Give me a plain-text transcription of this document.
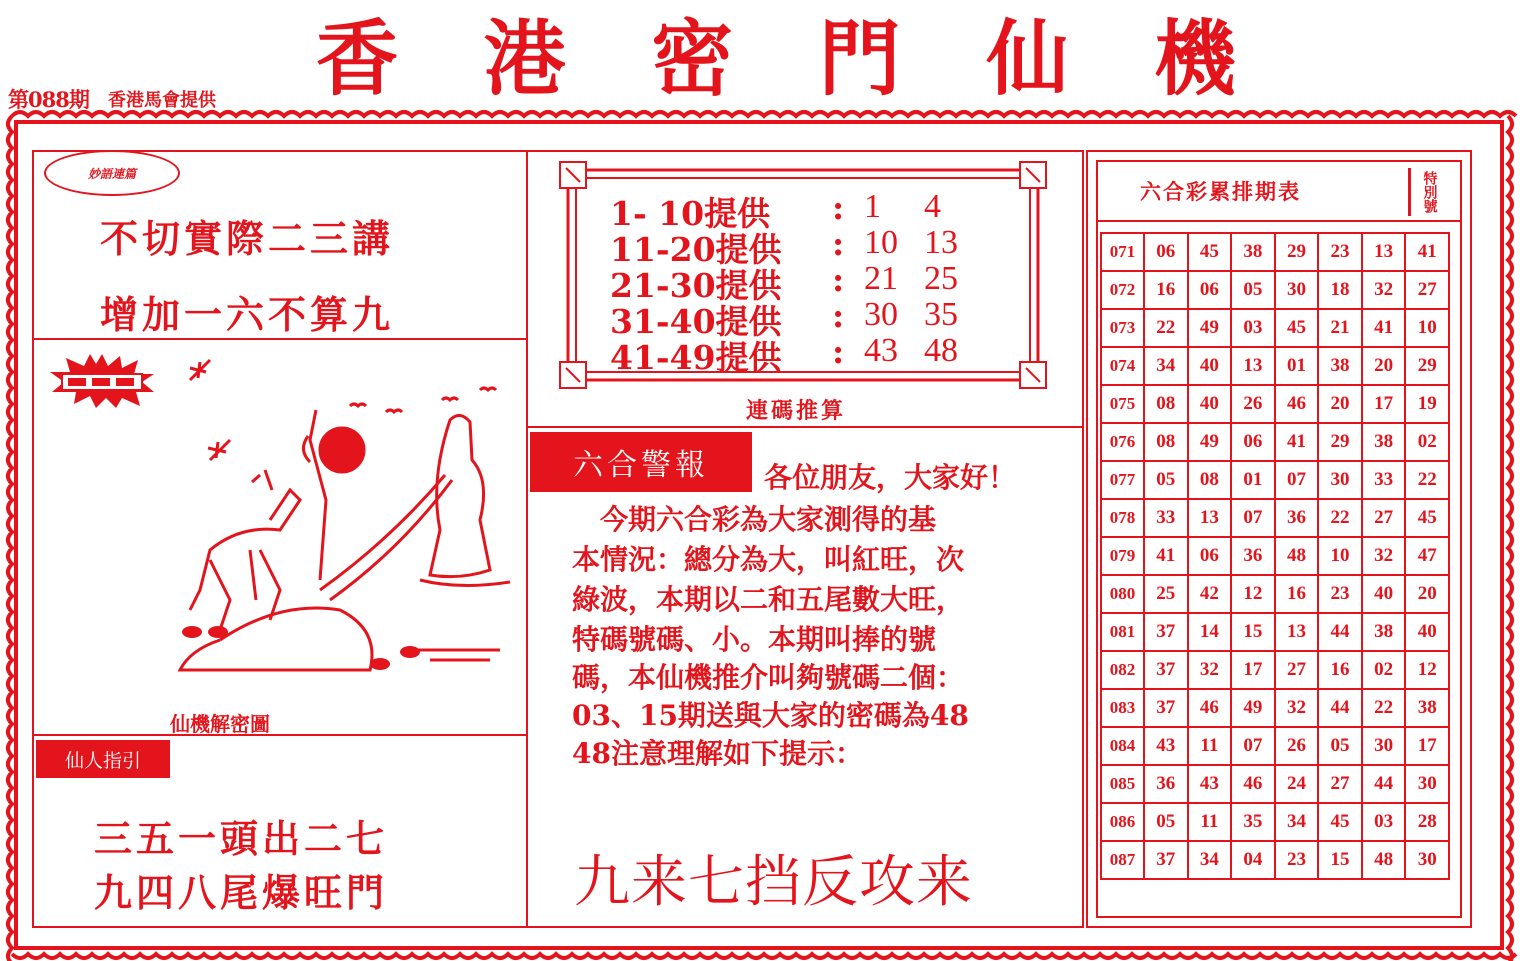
第088期 香港馬會提供 香 港 密 門 仙 機
妙語連篇
不切實際二三講
增加一六不算九
仙機解密圖
仙人指引
三五一頭出二七
九四八尾爆旺門
1- 10提供	: 1	4
11-20提供	: 10 13
21-30提供	: 21 25
31-40提供	: 30 35
41-49提供	: 43 48
連碼推算
六合警報	各位朋友，大家好！
　今期六合彩為大家測得的基
本情況：總分為大，叫紅旺，次
綠波，本期以二和五尾數大旺，
特碼號碼、小。本期叫捧的號
碼，本仙機推介叫夠號碼二個：
03、15期送與大家的密碼為48
48注意理解如下提示：
九来七挡反攻来
六合彩累排期表	特別號
071	06	45	38	29	23	13	41
072	16	06	05	30	18	32	27
073	22	49	03	45	21	41	10
074	34	40	13	01	38	20	29
075	08	40	26	46	20	17	19
076	08	49	06	41	29	38	02
077	05	08	01	07	30	33	22
078	33	13	07	36	22	27	45
079	41	06	36	48	10	32	47
080	25	42	12	16	23	40	20
081	37	14	15	13	44	38	40
082	37	32	17	27	16	02	12
083	37	46	49	32	44	22	38
084	43	11	07	26	05	30	17
085	36	43	46	24	27	44	30
086	05	11	35	34	45	03	28
087	37	34	04	23	15	48	30
